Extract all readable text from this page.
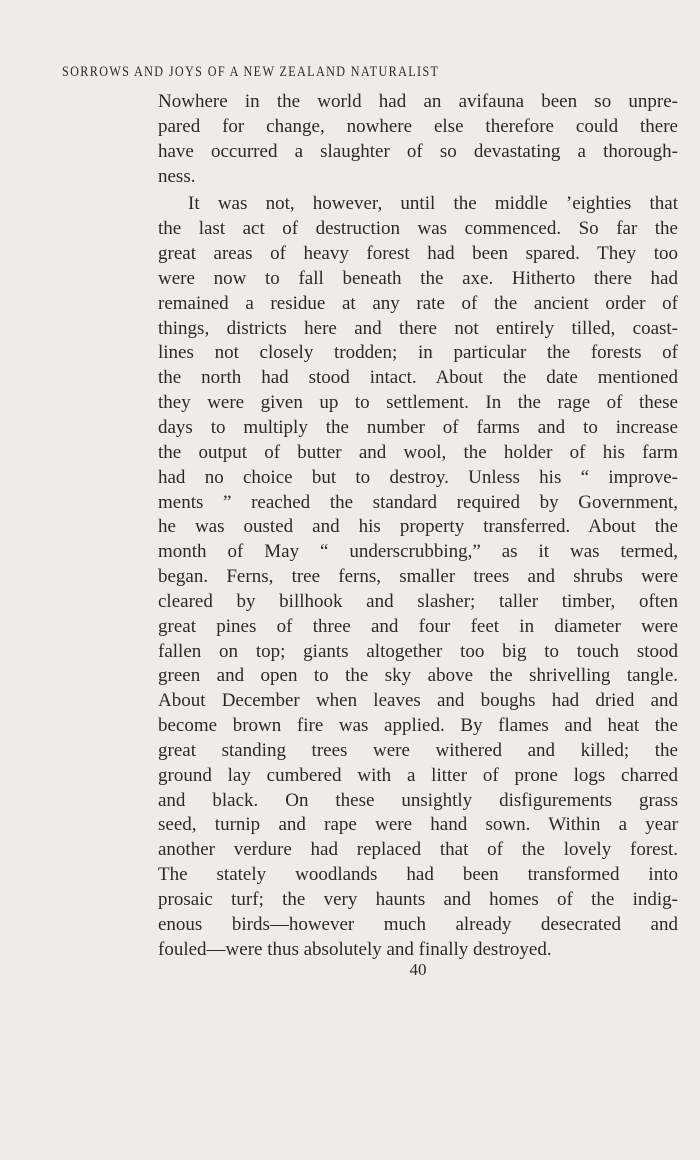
SORROWS AND JOYS OF A NEW ZEALAND NATURALIST
Nowhere in the world had an avifauna been so unpre-
pared for change, nowhere else therefore could there
have occurred a slaughter of so devastating a thorough-
ness.
It was not, however, until the middle ’eighties that
the last act of destruction was commenced. So far the
great areas of heavy forest had been spared. They too
were now to fall beneath the axe. Hitherto there had
remained a residue at any rate of the ancient order of
things, districts here and there not entirely tilled, coast-
lines not closely trodden; in particular the forests of
the north had stood intact. About the date mentioned
they were given up to settlement. In the rage of these
days to multiply the number of farms and to increase
the output of butter and wool, the holder of his farm
had no choice but to destroy. Unless his “ improve-
ments ” reached the standard required by Government,
he was ousted and his property transferred. About the
month of May “ underscrubbing,” as it was termed,
began. Ferns, tree ferns, smaller trees and shrubs were
cleared by billhook and slasher; taller timber, often
great pines of three and four feet in diameter were
fallen on top; giants altogether too big to touch stood
green and open to the sky above the shrivelling tangle.
About December when leaves and boughs had dried and
become brown fire was applied. By flames and heat the
great standing trees were withered and killed; the
ground lay cumbered with a litter of prone logs charred
and black. On these unsightly disfigurements grass
seed, turnip and rape were hand sown. Within a year
another verdure had replaced that of the lovely forest.
The stately woodlands had been transformed into
prosaic turf; the very haunts and homes of the indig-
enous birds—however much already desecrated and
fouled—were thus absolutely and finally destroyed.
40
